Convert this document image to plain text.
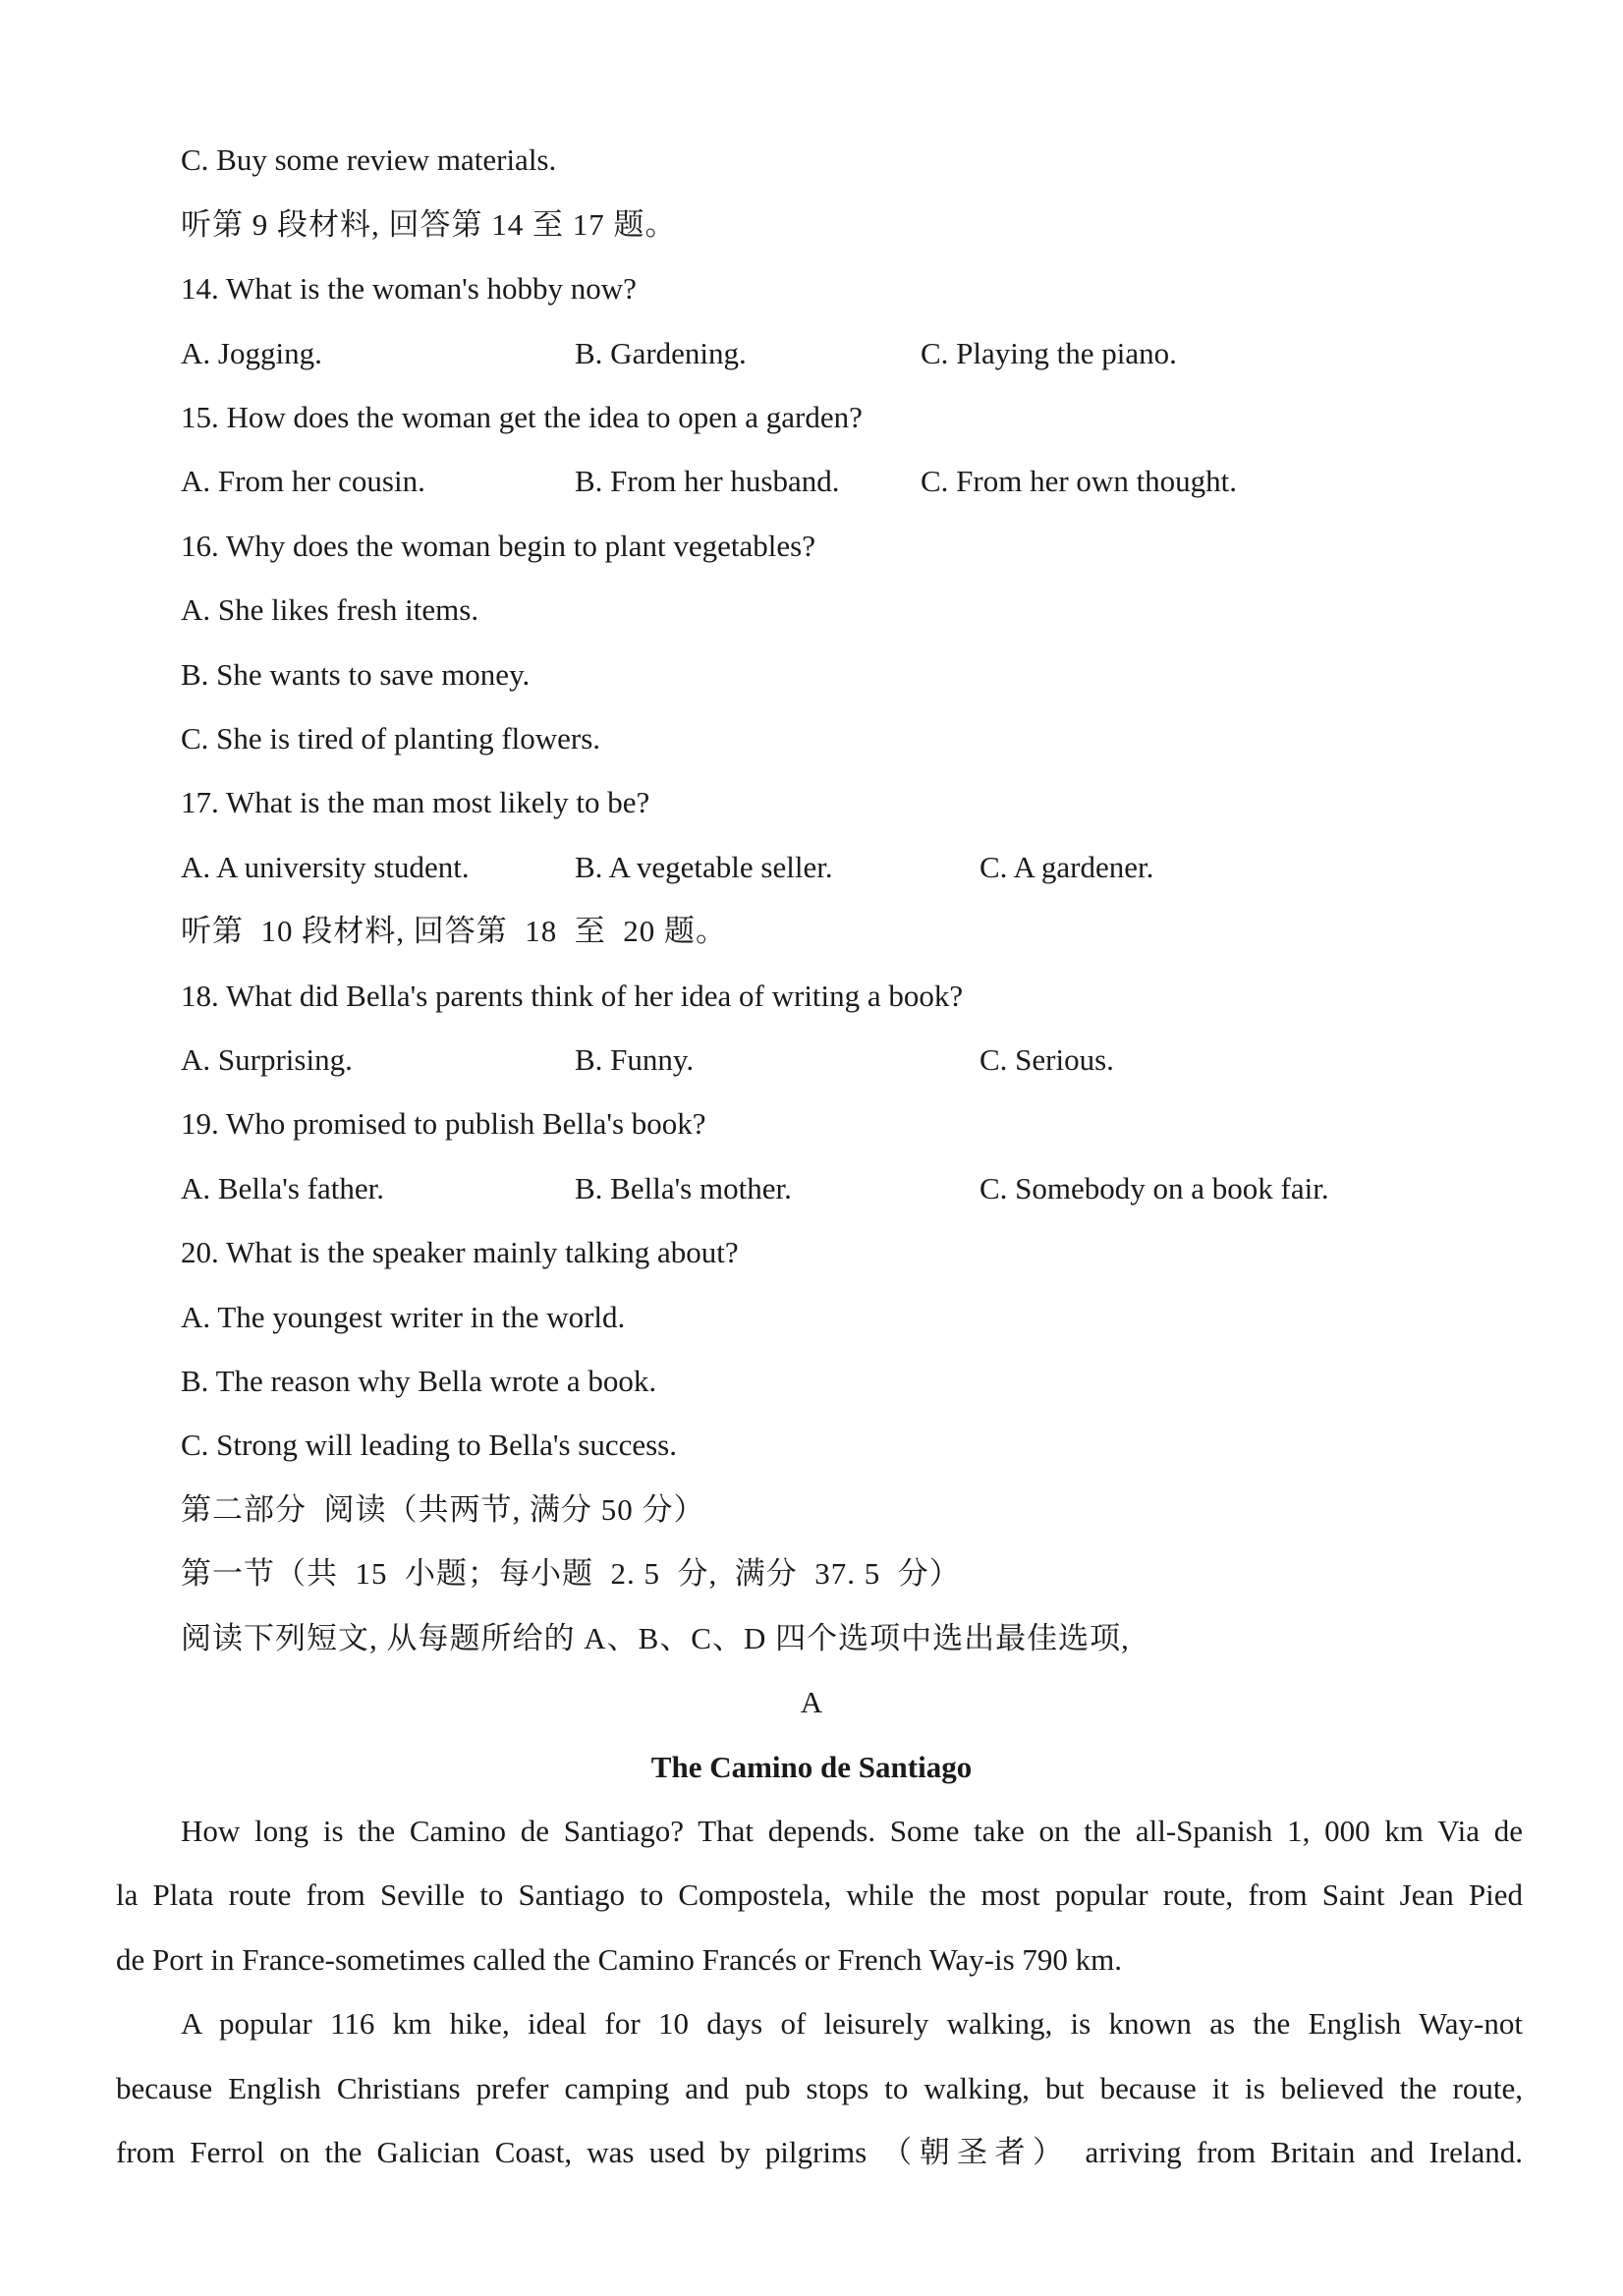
C. Buy some review materials.
听第 9 段材料, 回答第 14 至 17 题。
14. What is the woman's hobby now?
A. Jogging.	B. Gardening.	C. Playing the piano.
15. How does the woman get the idea to open a garden?
A. From her cousin.	B. From her husband.	C. From her own thought.
16. Why does the woman begin to plant vegetables?
A. She likes fresh items.
B. She wants to save money.
C. She is tired of planting flowers.
17. What is the man most likely to be?
A. A university student.	B. A vegetable seller.	C. A gardener.
听第  10 段材料, 回答第  18  至  20 题。
18. What did Bella's parents think of her idea of writing a book?
A. Surprising.	B. Funny.	C. Serious.
19. Who promised to publish Bella's book?
A. Bella's father.	B. Bella's mother.	C. Somebody on a book fair.
20. What is the speaker mainly talking about?
A. The youngest writer in the world.
B. The reason why Bella wrote a book.
C. Strong will leading to Bella's success.
第二部分  阅读（共两节, 满分 50 分）
第一节（共  15  小题；每小题  2. 5  分,  满分  37. 5  分）
阅读下列短文, 从每题所给的 A、B、C、D 四个选项中选出最佳选项,
A
The Camino de Santiago
How long is the Camino de Santiago? That depends. Some take on the all-Spanish 1, 000 km Via de
la Plata route from Seville to Santiago to Compostela, while the most popular route, from Saint Jean Pied
de Port in France-sometimes called the Camino Francés or French Way-is 790 km.
A popular 116 km hike, ideal for 10 days of leisurely walking, is known as the English Way-not
because English Christians prefer camping and pub stops to walking, but because it is believed the route,
from Ferrol on the Galician Coast, was used by pilgrims （朝圣者） arriving from Britain and Ireland.
